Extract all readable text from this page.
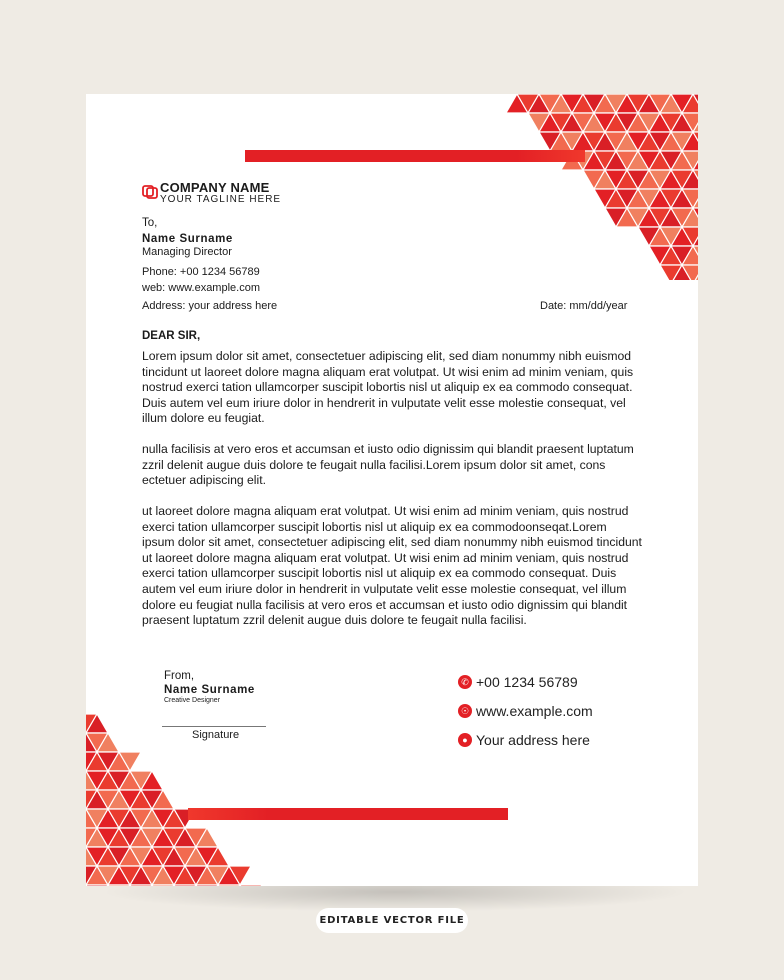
COMPANY NAME
YOUR TAGLINE HERE
To,
Name Surname
Managing Director
Phone: +00 1234 56789
web: www.example.com
Address: your address here	Date: mm/dd/year
DEAR SIR,
Lorem ipsum dolor sit amet, consectetuer adipiscing elit, sed diam nonummy nibh euismod tincidunt ut laoreet dolore magna aliquam erat volutpat. Ut wisi enim ad minim veniam, quis nostrud exerci tation ullamcorper suscipit lobortis nisl ut aliquip ex ea commodo consequat. Duis autem vel eum iriure dolor in hendrerit in vulputate velit esse molestie consequat, vel illum dolore eu feugiat.
nulla facilisis at vero eros et accumsan et iusto odio dignissim qui blandit praesent luptatum zzril delenit augue duis dolore te feugait nulla facilisi.Lorem ipsum dolor sit amet, cons ectetuer adipiscing elit.
ut laoreet dolore magna aliquam erat volutpat. Ut wisi enim ad minim veniam, quis nostrud exerci tation ullamcorper suscipit lobortis nisl ut aliquip ex ea commodoonseqat.Lorem ipsum dolor sit amet, consectetuer adipiscing elit, sed diam nonummy nibh euismod tincidunt ut laoreet dolore magna aliquam erat volutpat. Ut wisi enim ad minim veniam, quis nostrud exerci tation ullamcorper suscipit lobortis nisl ut aliquip ex ea commodo consequat. Duis autem vel eum iriure dolor in hendrerit in vulputate velit esse molestie consequat, vel illum dolore eu feugiat nulla facilisis at vero eros et accumsan et iusto odio dignissim qui blandit praesent luptatum zzril delenit augue duis dolore te feugait nulla facilisi.
From,
Name Surname
Creative Designer
Signature
✆ +00 1234 56789
☉ www.example.com
● Your address here
EDITABLE VECTOR FILE
